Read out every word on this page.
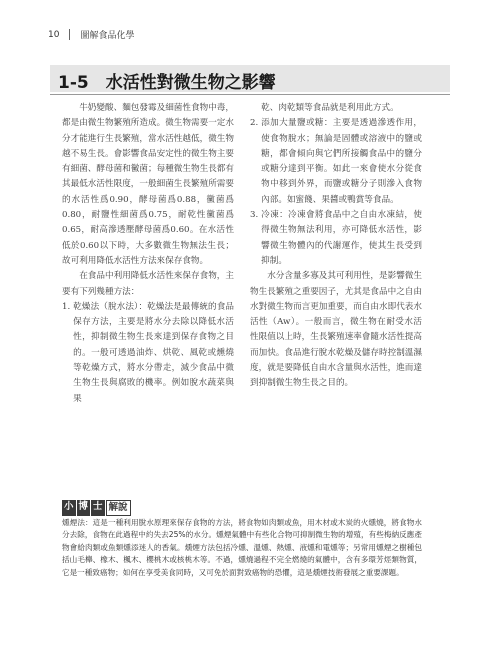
10 圖解食品化學
1-5　水活性對微生物之影響

牛奶變酸、麵包發霉及細菌性食物中毒，都是由微生物繁殖所造成。微生物需要一定水分才能進行生長繁殖，當水活性越低，微生物越不易生長。會影響食品安定性的微生物主要有細菌、酵母菌和黴菌；每種微生物生長都有其最低水活性限度，一般細菌生長繁殖所需要的水活性爲0.90，酵母菌爲0.88，黴菌爲0.80，耐鹽性細菌爲0.75，耐乾性黴菌爲0.65，耐高滲透壓酵母菌爲0.60。在水活性低於0.60以下時，大多數微生物無法生長；故可利用降低水活性方法來保存食物。

在食品中利用降低水活性來保存食物，主要有下列幾種方法：

1. 乾燥法（脫水法）：乾燥法是最傳統的食品保存方法，主要是將水分去除以降低水活性，抑制微生物生長來達到保存食物之目的。一般可透過油炸、烘乾、風乾或燻燒等乾燥方式，將水分帶走，減少食品中微生物生長與腐敗的機率。例如脫水蔬菜與果
乾、肉乾類等食品就是利用此方式。
2. 添加大量鹽或糖：主要是透過滲透作用，使食物脫水；無論是固體或溶液中的鹽或糖，都會傾向與它們所接觸食品中的鹽分或糖分達到平衡。如此一來會使水分從食物中移到外界，而鹽或糖分子則滲入食物內部。如蜜餞、果醬或鴨賞等食品。
3. 冷凍：冷凍會將食品中之自由水凍結，使得微生物無法利用，亦可降低水活性，影響微生物體內的代謝運作，使其生長受到抑制。

水分含量多寡及其可利用性，是影響微生物生長繁殖之重要因子，尤其是食品中之自由水對微生物而言更加重要，而自由水即代表水活性（Aw）。一般而言，微生物在耐受水活性限值以上時，生長繁殖速率會隨水活性提高而加快。食品進行脫水乾燥及儲存時控制溫濕度，就是要降低自由水含量與水活性，進而達到抑制微生物生長之目的。

小 博 士 解說

燻煙法：這是一種利用脫水原理來保存食物的方法，將食物如肉類或魚，用木材或木炭的火燻燒，將食物水分去除，食物在此過程中約失去25%的水分。燻煙氣體中有些化合物可抑制微生物的增殖，有些梅納反應產物會給肉類或魚類燻添迷人的香氣。燻煙方法包括冷燻、溫燻、熱燻、液燻和電燻等；另常用燻煙之樹種包括山毛櫸、橡木、楓木、櫻桃木或核桃木等。不過，燻燒過程不完全燃燒的氣體中，含有多環芳烴類物質，它是一種致癌物；如何在享受美食同時，又可免於面對致癌物的恐懼，這是燻煙技術發展之重要課題。
